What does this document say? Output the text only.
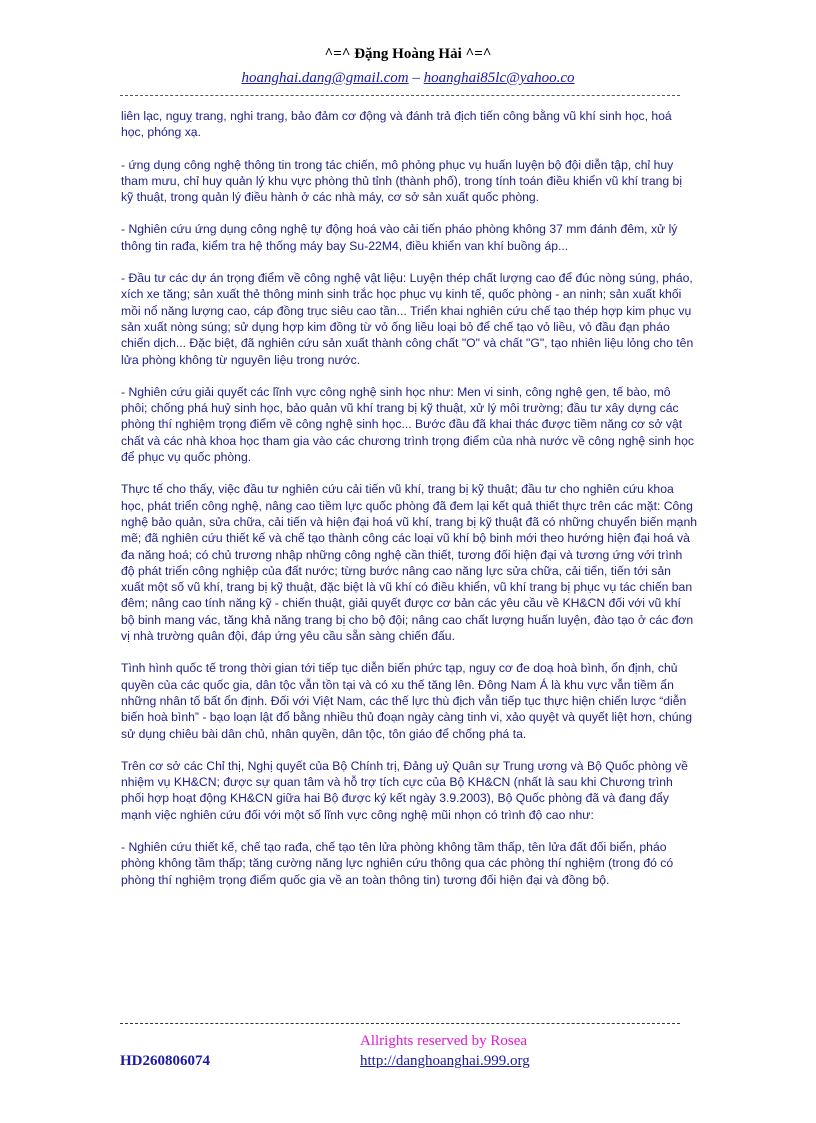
^=^ Đặng Hoàng Hải ^=^
hoanghai.dang@gmail.com – hoanghai85lc@yahoo.co

liên lạc, nguỵ trang, nghi trang, bảo đảm cơ động và đánh trả địch tiến công bằng vũ khí sinh học, hoá học, phóng xạ.

- ứng dụng công nghệ thông tin trong tác chiến, mô phỏng phục vụ huấn luyện bộ đội diễn tập, chỉ huy tham mưu, chỉ huy quản lý khu vực phòng thủ tỉnh (thành phố), trong tính toán điều khiển vũ khí trang bị kỹ thuật, trong quản lý điều hành ở các nhà máy, cơ sở sản xuất quốc phòng.

- Nghiên cứu ứng dụng công nghệ tự động hoá vào cải tiến pháo phòng không 37 mm đánh đêm, xử lý thông tin rađa, kiểm tra hệ thống máy bay Su-22M4, điều khiển van khí buồng áp...

- Đầu tư các dự án trọng điểm về công nghệ vật liệu: Luyện thép chất lượng cao để đúc nòng súng, pháo, xích xe tăng; sản xuất thẻ thông minh sinh trắc học phục vụ kinh tế, quốc phòng - an ninh; sản xuất khối mồi nổ năng lượng cao, cáp đồng trục siêu cao tần... Triển khai nghiên cứu chế tạo thép hợp kim phục vụ sản xuất nòng súng; sử dụng hợp kim đồng từ vỏ ống liều loại bỏ để chế tạo vỏ liều, vỏ đầu đạn pháo chiến dịch... Đặc biệt, đã nghiên cứu sản xuất thành công chất "O" và chất "G", tạo nhiên liệu lỏng cho tên lửa phòng không từ nguyên liệu trong nước.

- Nghiên cứu giải quyết các lĩnh vực công nghệ sinh học như: Men vi sinh, công nghệ gen, tế bào, mô phôi; chống phá huỷ sinh học, bảo quản vũ khí trang bị kỹ thuật, xử lý môi trường; đầu tư xây dựng các phòng thí nghiệm trọng điểm về công nghệ sinh học... Bước đầu đã khai thác được tiềm năng cơ sở vật chất và các nhà khoa học tham gia vào các chương trình trọng điểm của nhà nước về công nghệ sinh học để phục vụ quốc phòng.

Thực tế cho thấy, việc đầu tư nghiên cứu cải tiến vũ khí, trang bị kỹ thuật; đầu tư cho nghiên cứu khoa học, phát triển công nghệ, nâng cao tiềm lực quốc phòng đã đem lại kết quả thiết thực trên các mặt: Công nghệ bảo quản, sửa chữa, cải tiến và hiện đại hoá vũ khí, trang bị kỹ thuật đã có những chuyển biến mạnh mẽ; đã nghiên cứu thiết kế và chế tạo thành công các loại vũ khí bộ binh mới theo hướng hiện đại hoá và đa năng hoá; có chủ trương nhập những công nghệ cần thiết, tương đối hiện đại và tương ứng với trình độ phát triển công nghiệp của đất nước; từng bước nâng cao năng lực sửa chữa, cải tiến, tiến tới sản xuất một số vũ khí, trang bị kỹ thuật, đặc biệt là vũ khí có điều khiển, vũ khí trang bị phục vụ tác chiến ban đêm; nâng cao tính năng kỹ - chiến thuật, giải quyết được cơ bản các yêu cầu về KH&CN đối với vũ khí bộ binh mang vác, tăng khả năng trang bị cho bộ đội; nâng cao chất lượng huấn luyện, đào tạo ở các đơn vị nhà trường quân đội, đáp ứng yêu cầu sẵn sàng chiến đấu.

Tình hình quốc tế trong thời gian tới tiếp tục diễn biến phức tạp, nguy cơ đe doạ hoà bình, ổn định, chủ quyền của các quốc gia, dân tộc vẫn tồn tại và có xu thế tăng lên. Đông Nam Á là khu vực vẫn tiềm ẩn những nhân tố bất ổn định. Đối với Việt Nam, các thế lực thù địch vẫn tiếp tục thực hiện chiến lược “diễn biến hoà bình” - bạo loạn lật đổ bằng nhiều thủ đoạn ngày càng tinh vi, xảo quyệt và quyết liệt hơn, chúng sử dụng chiêu bài dân chủ, nhân quyền, dân tộc, tôn giáo để chống phá ta.

Trên cơ sở các Chỉ thị, Nghị quyết của Bộ Chính trị, Đảng uỷ Quân sự Trung ương và Bộ Quốc phòng về nhiệm vụ KH&CN; được sự quan tâm và hỗ trợ tích cực của Bộ KH&CN (nhất là sau khi Chương trình phối hợp hoạt động KH&CN giữa hai Bộ được ký kết ngày 3.9.2003), Bộ Quốc phòng đã và đang đẩy mạnh việc nghiên cứu đối với một số lĩnh vực công nghệ mũi nhọn có trình độ cao như:

- Nghiên cứu thiết kế, chế tạo rađa, chế tạo tên lửa phòng không tầm thấp, tên lửa đất đối biển, pháo phòng không tầm thấp; tăng cường năng lực nghiên cứu thông qua các phòng thí nghiệm (trong đó có phòng thí nghiệm trọng điểm quốc gia về an toàn thông tin) tương đối hiện đại và đồng bộ.

Allrights reserved by Rosea
HD260806074	http://danghoanghai.999.org
